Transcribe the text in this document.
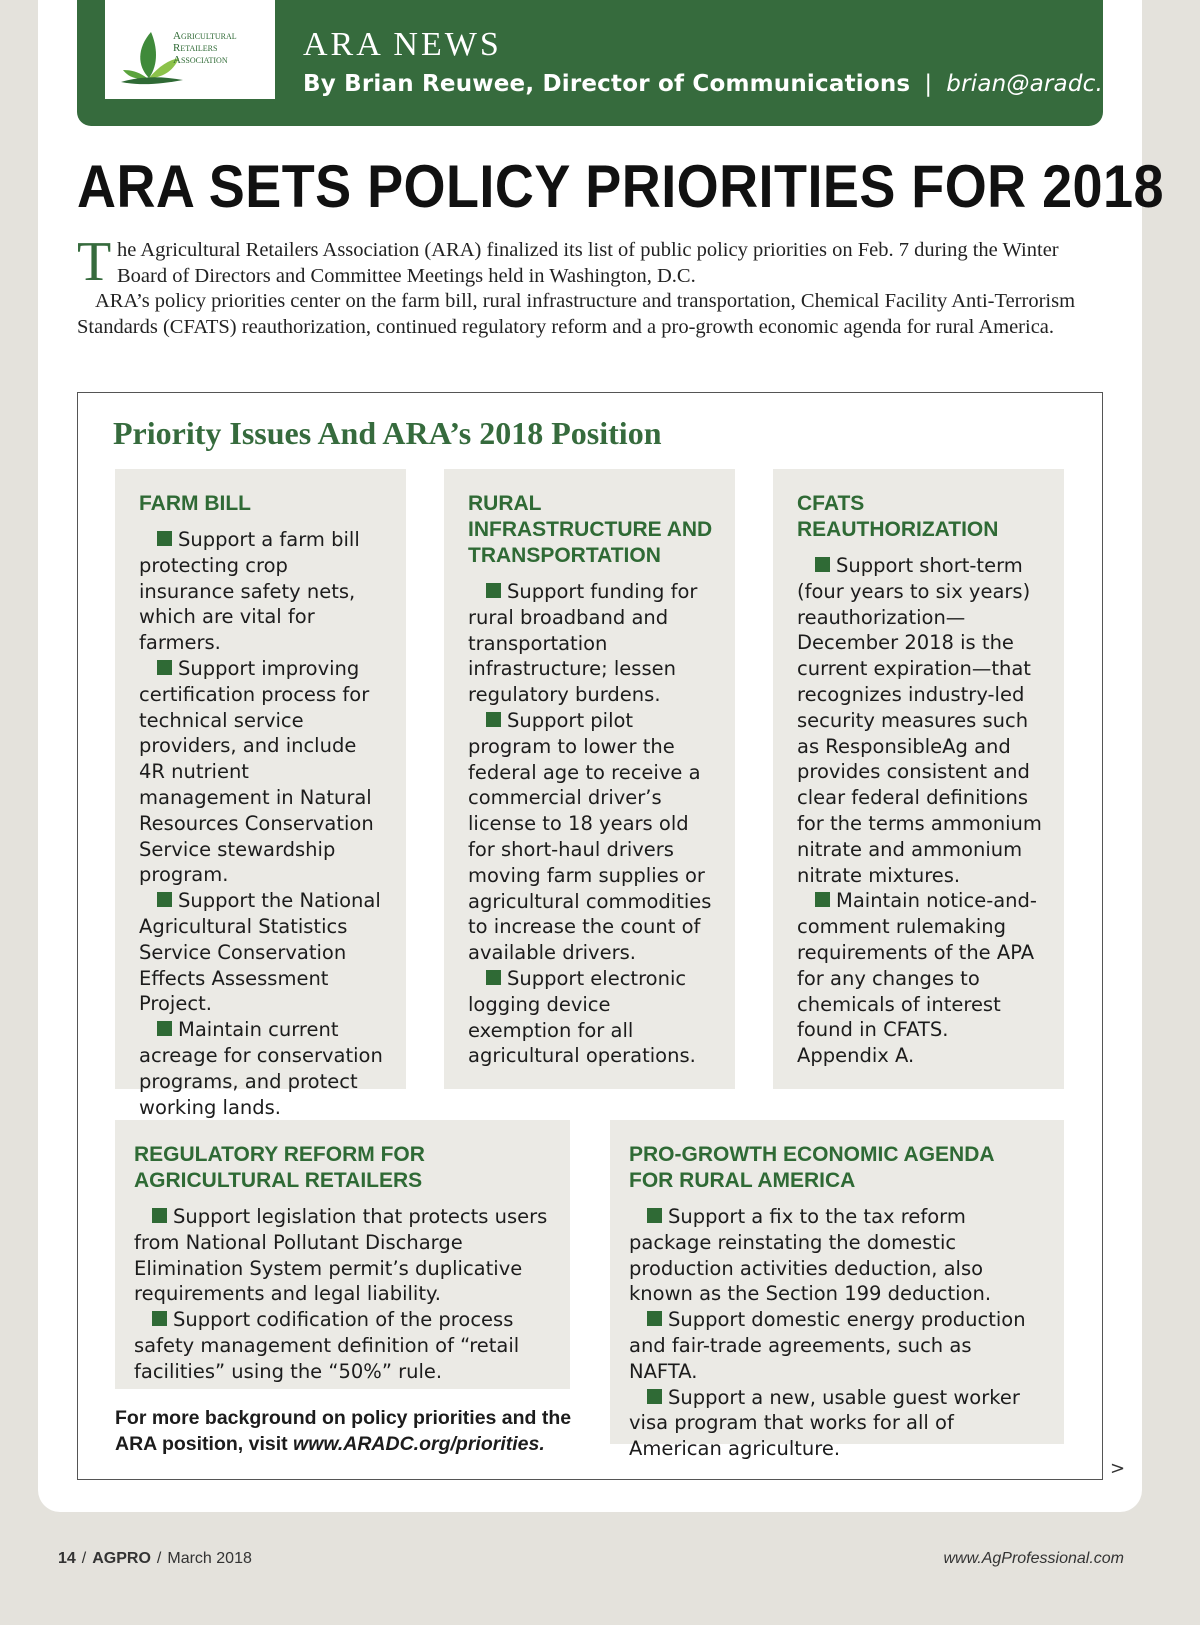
Agricultural
Retailers
Association ARA NEWS
By Brian Reuwee, Director of Communications | brian@aradc.org
ARA SETS POLICY PRIORITIES FOR 2018

T he Agricultural Retailers Association (ARA) finalized its list of public policy priorities on Feb. 7 during the Winter Board of Directors and Committee Meetings held in Washington, D.C.

ARA’s policy priorities center on the farm bill, rural infrastructure and transportation, Chemical Facility Anti-Terrorism Standards (CFATS) reauthorization, continued regulatory reform and a pro-growth economic agenda for rural America.

Priority Issues And ARA’s 2018 Position
FARM BILL

Support a farm bill protecting crop insurance safety nets, which are vital for farmers.

Support improving certification process for technical service providers, and include 4R nutrient management in Natural Resources Conservation Service stewardship program.

Support the National Agricultural Statistics Service Conservation Effects Assessment Project.

Maintain current acreage for conservation programs, and protect working lands.

RURAL INFRASTRUCTURE AND TRANSPORTATION

Support funding for rural broadband and transportation infrastructure; lessen regulatory burdens.

Support pilot program to lower the federal age to receive a commercial driver’s license to 18 years old for short-haul drivers moving farm supplies or agricultural commodities to increase the count of available drivers.

Support electronic logging device exemption for all agricultural operations.

CFATS REAUTHORIZATION

Support short-term (four years to six years) reauthorization—December 2018 is the current expiration—that recognizes industry-led security measures such as ResponsibleAg and provides consistent and clear federal definitions for the terms ammonium nitrate and ammonium nitrate mixtures.

Maintain notice-and-comment rulemaking requirements of the APA for any changes to chemicals of interest found in CFATS. Appendix A.

REGULATORY REFORM FOR AGRICULTURAL RETAILERS

Support legislation that protects users from National Pollutant Discharge Elimination System permit’s duplicative requirements and legal liability.

Support codification of the process safety management definition of “retail facilities” using the “50%” rule.

For more background on policy priorities and the ARA position, visit www.ARADC.org/priorities.
PRO-GROWTH ECONOMIC AGENDA FOR RURAL AMERICA

Support a fix to the tax reform package reinstating the domestic production activities deduction, also known as the Section 199 deduction.

Support domestic energy production and fair-trade agreements, such as NAFTA.

Support a new, usable guest worker visa program that works for all of American agriculture.

>
14 / AGPRO / March 2018	www.AgProfessional.com
